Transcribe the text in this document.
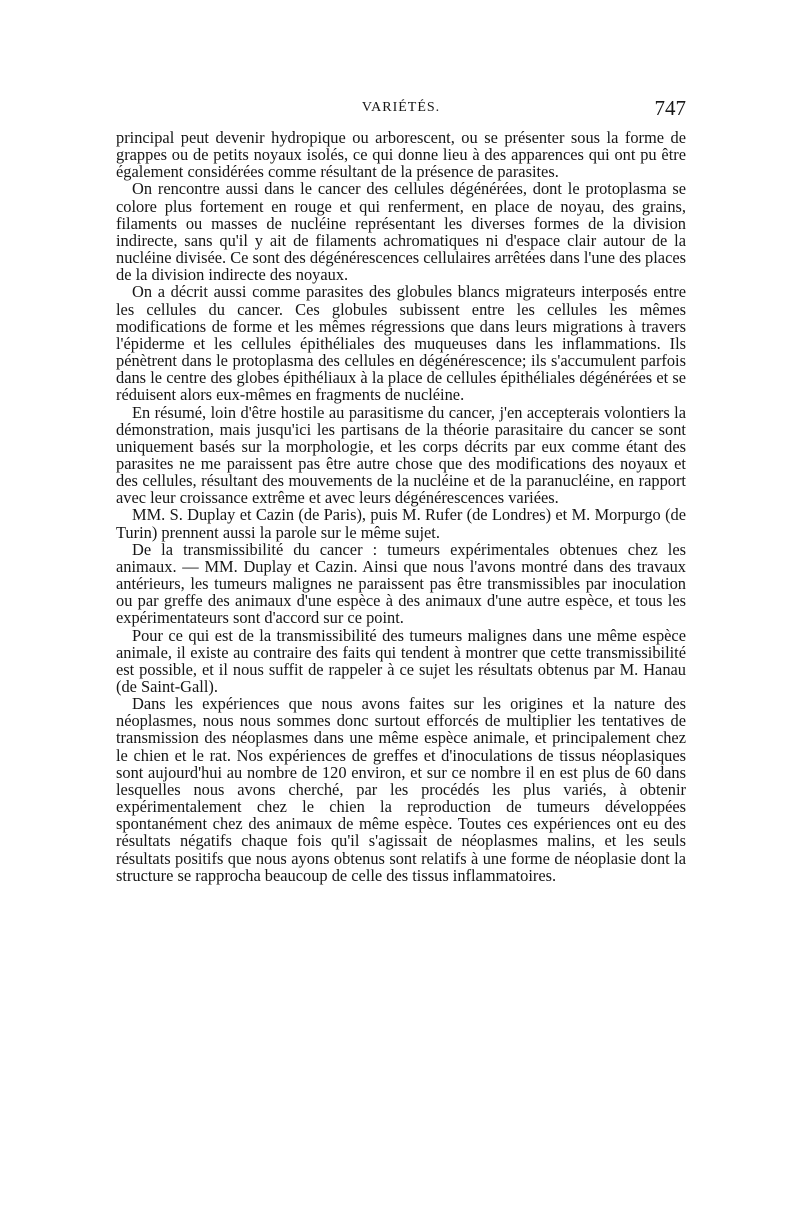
VARIÉTÉS.	747

principal peut devenir hydropique ou arborescent, ou se présenter sous la forme de grappes ou de petits noyaux isolés, ce qui donne lieu à des apparences qui ont pu être également considérées comme résultant de la présence de parasites.

On rencontre aussi dans le cancer des cellules dégénérées, dont le protoplasma se colore plus fortement en rouge et qui renferment, en place de noyau, des grains, filaments ou masses de nucléine représentant les diverses formes de la division indirecte, sans qu'il y ait de filaments achromatiques ni d'espace clair autour de la nucléine divisée. Ce sont des dégénérescences cellulaires arrêtées dans l'une des places de la division indirecte des noyaux.

On a décrit aussi comme parasites des globules blancs migrateurs interposés entre les cellules du cancer. Ces globules subissent entre les cellules les mêmes modifications de forme et les mêmes régressions que dans leurs migrations à travers l'épiderme et les cellules épithéliales des muqueuses dans les inflammations. Ils pénètrent dans le protoplasma des cellules en dégénérescence; ils s'accumulent parfois dans le centre des globes épithéliaux à la place de cellules épithéliales dégénérées et se réduisent alors eux-mêmes en fragments de nucléine.

En résumé, loin d'être hostile au parasitisme du cancer, j'en accepterais volontiers la démonstration, mais jusqu'ici les partisans de la théorie parasitaire du cancer se sont uniquement basés sur la morphologie, et les corps décrits par eux comme étant des parasites ne me paraissent pas être autre chose que des modifications des noyaux et des cellules, résultant des mouvements de la nucléine et de la paranucléine, en rapport avec leur croissance extrême et avec leurs dégénérescences variées.

MM. S. Duplay et Cazin (de Paris), puis M. Rufer (de Londres) et M. Morpurgo (de Turin) prennent aussi la parole sur le même sujet.

De la transmissibilité du cancer : tumeurs expérimentales obtenues chez les animaux. — MM. Duplay et Cazin. Ainsi que nous l'avons montré dans des travaux antérieurs, les tumeurs malignes ne paraissent pas être transmissibles par inoculation ou par greffe des animaux d'une espèce à des animaux d'une autre espèce, et tous les expérimentateurs sont d'accord sur ce point.

Pour ce qui est de la transmissibilité des tumeurs malignes dans une même espèce animale, il existe au contraire des faits qui tendent à montrer que cette transmissibilité est possible, et il nous suffit de rappeler à ce sujet les résultats obtenus par M. Hanau (de Saint-Gall).

Dans les expériences que nous avons faites sur les origines et la nature des néoplasmes, nous nous sommes donc surtout efforcés de multiplier les tentatives de transmission des néoplasmes dans une même espèce animale, et principalement chez le chien et le rat. Nos expériences de greffes et d'inoculations de tissus néoplasiques sont aujourd'hui au nombre de 120 environ, et sur ce nombre il en est plus de 60 dans lesquelles nous avons cherché, par les procédés les plus variés, à obtenir expérimentalement chez le chien la reproduction de tumeurs développées spontanément chez des animaux de même espèce. Toutes ces expériences ont eu des résultats négatifs chaque fois qu'il s'agissait de néoplasmes malins, et les seuls résultats positifs que nous ayons obtenus sont relatifs à une forme de néoplasie dont la structure se rapprocha beaucoup de celle des tissus inflammatoires.
